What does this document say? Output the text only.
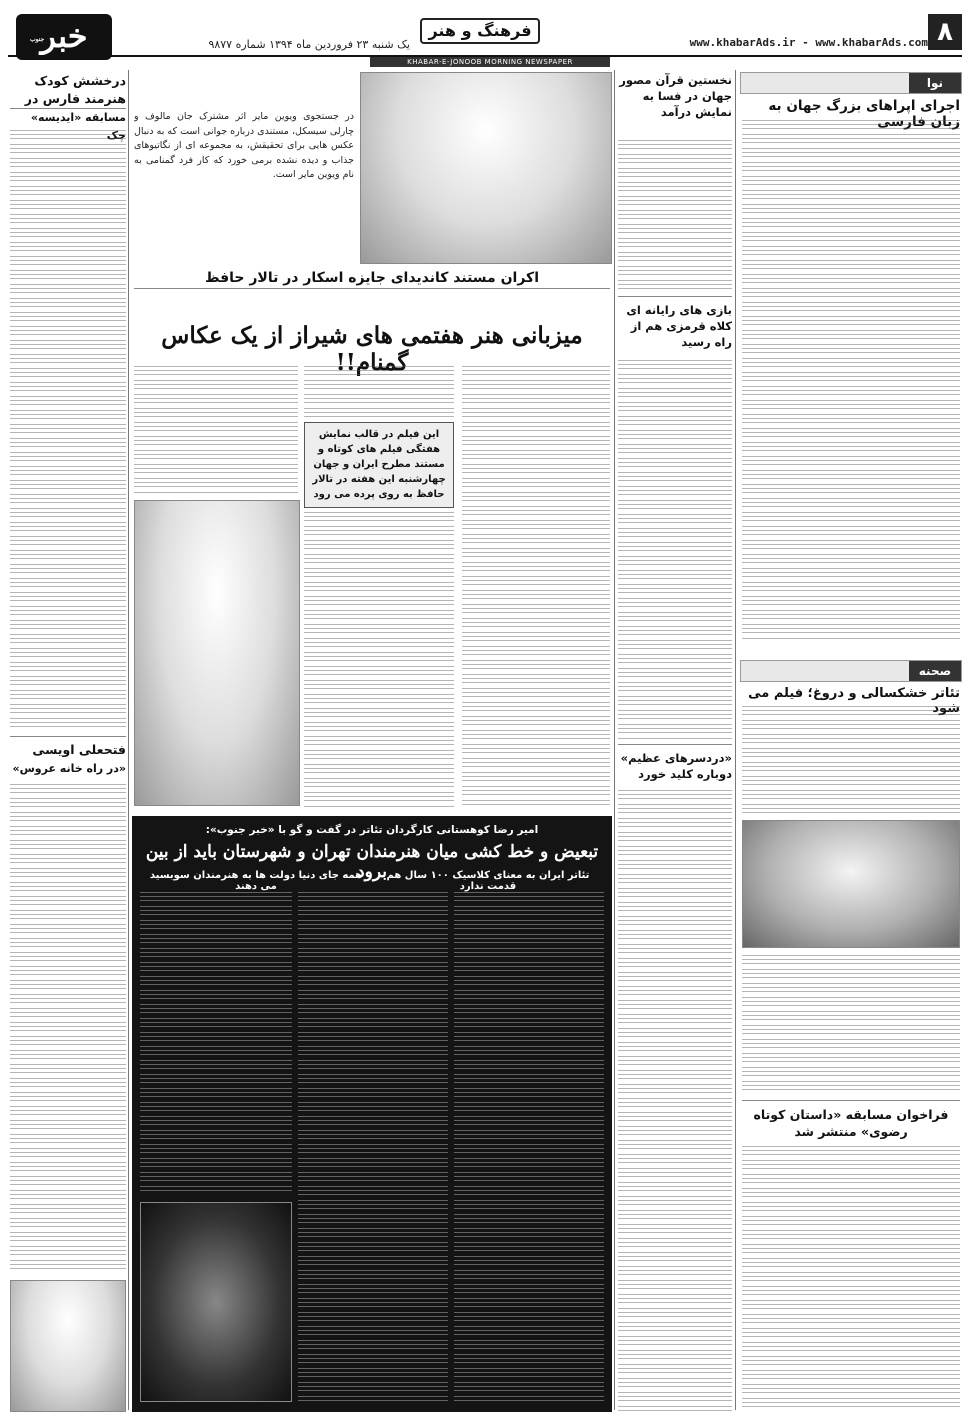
۸
www.khabarAds.ir - www.khabarAds.com
فرهنگ و هنر
یک شنبه ۲۳ فروردین ماه ۱۳۹۴ شماره ۹۸۷۷
خبر
جنوب
KHABAR-E-JONOOB MORNING NEWSPAPER
نوا
اجرای اپراهای بزرگ جهان به زبان فارسی
صحنه
تئاتر خشکسالی و دروغ؛ فیلم می شود
فراخوان مسابقه «داستان کوتاه رضوی» منتشر شد
نخستین قرآن مصور جهان در فسا به نمایش درآمد
بازی های رایانه ای کلاه قرمزی هم از راه رسید
«دردسرهای عظیم» دوباره کلید خورد
در جستجوی ویوین مایر اثر مشترک جان مالوف و چارلی سیسکل، مستندی درباره جوانی است که به دنبال عکس هایی برای تحقیقش، به مجموعه ای از نگاتیوهای جذاب و دیده نشده برمی خورد که کار فرد گمنامی به نام ویوین مایر است.
اکران مستند کاندیدای جایزه اسکار در تالار حافظ
میزبانی هنر هفتمی های شیراز از یک عکاس گمنام!!
این فیلم در قالب نمایش هفتگی فیلم های کوتاه و مستند مطرح ایران و جهان چهارشنبه این هفته در تالار حافظ به روی پرده می رود
امیر رضا کوهستانی کارگردان تئاتر در گفت و گو با «خبر جنوب»:
تبعیض و خط کشی میان هنرمندان تهران و شهرستان باید از بین برود تئاتر ایران به معنای کلاسیک ۱۰۰ سال هم قدمت ندارد
همه جای دنیا دولت ها به هنرمندان سوبسید می دهند
درخشش کودک
هنرمند فارس در
مسابقه «ایدیسه» چک
فتحعلی اویسی
«در راه خانه عروس»
